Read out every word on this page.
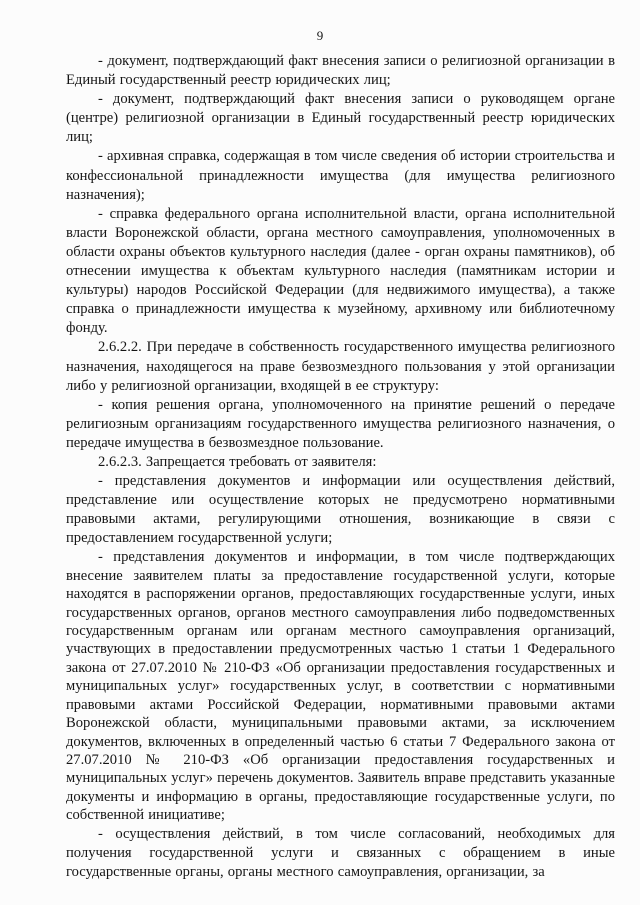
9

- документ, подтверждающий факт внесения записи о религиозной организации в Единый государственный реестр юридических лиц;

- документ, подтверждающий факт внесения записи о руководящем органе (центре) религиозной организации в Единый государственный реестр юридических лиц;

- архивная справка, содержащая в том числе сведения об истории строительства и конфессиональной принадлежности имущества (для имущества религиозного назначения);

- справка федерального органа исполнительной власти, органа исполнительной власти Воронежской области, органа местного самоуправления, уполномоченных в области охраны объектов культурного наследия (далее - орган охраны памятников), об отнесении имущества к объектам культурного наследия (памятникам истории и культуры) народов Российской Федерации (для недвижимого имущества), а также справка о принадлежности имущества к музейному, архивному или библиотечному фонду.

2.6.2.2. При передаче в собственность государственного имущества религиозного назначения, находящегося на праве безвозмездного пользования у этой организации либо у религиозной организации, входящей в ее структуру:

- копия решения органа, уполномоченного на принятие решений о передаче религиозным организациям государственного имущества религиозного назначения, о передаче имущества в безвозмездное пользование.

2.6.2.3. Запрещается требовать от заявителя:

- представления документов и информации или осуществления действий, представление или осуществление которых не предусмотрено нормативными правовыми актами, регулирующими отношения, возникающие в связи с предоставлением государственной услуги;

- представления документов и информации, в том числе подтверждающих внесение заявителем платы за предоставление государственной услуги, которые находятся в распоряжении органов, предоставляющих государственные услуги, иных государственных органов, органов местного самоуправления либо подведомственных государственным органам или органам местного самоуправления организаций, участвующих в предоставлении предусмотренных частью 1 статьи 1 Федерального закона от 27.07.2010 № 210-ФЗ «Об организации предоставления государственных и муниципальных услуг» государственных услуг, в соответствии с нормативными правовыми актами Российской Федерации, нормативными правовыми актами Воронежской области, муниципальными правовыми актами, за исключением документов, включенных в определенный частью 6 статьи 7 Федерального закона от 27.07.2010 № 210-ФЗ «Об организации предоставления государственных и муниципальных услуг» перечень документов. Заявитель вправе представить указанные документы и информацию в органы, предоставляющие государственные услуги, по собственной инициативе;

- осуществления действий, в том числе согласований, необходимых для получения государственной услуги и связанных с обращением в иные государственные органы, органы местного самоуправления, организации, за
